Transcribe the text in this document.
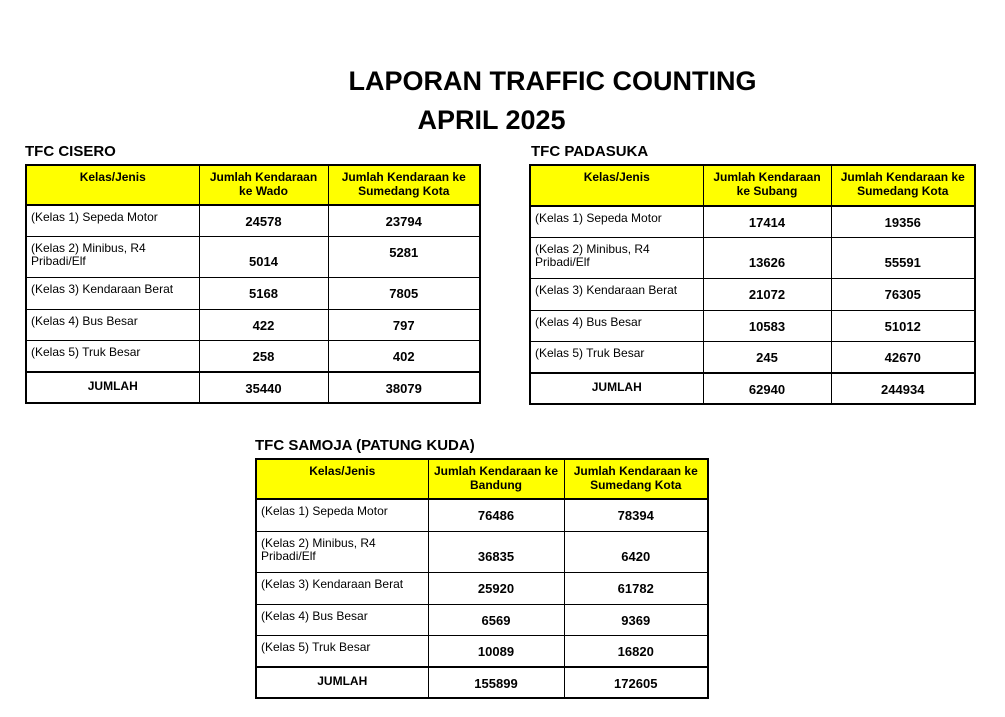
LAPORAN TRAFFIC COUNTING
APRIL 2025

TFC CISERO

Kelas/Jenis	Jumlah Kendaraan ke Wado	Jumlah Kendaraan ke Sumedang Kota
(Kelas 1) Sepeda Motor	24578	23794
(Kelas 2) Minibus, R4 Pribadi/Elf	5014	5281
(Kelas 3) Kendaraan Berat	5168	7805
(Kelas 4) Bus Besar	422	797
(Kelas 5) Truk Besar	258	402
JUMLAH	35440	38079

TFC PADASUKA

Kelas/Jenis	Jumlah Kendaraan ke Subang	Jumlah Kendaraan ke Sumedang Kota
(Kelas 1) Sepeda Motor	17414	19356
(Kelas 2) Minibus, R4 Pribadi/Elf	13626	55591
(Kelas 3) Kendaraan Berat	21072	76305
(Kelas 4) Bus Besar	10583	51012
(Kelas 5) Truk Besar	245	42670
JUMLAH	62940	244934

TFC SAMOJA (PATUNG KUDA)

Kelas/Jenis	Jumlah Kendaraan ke Bandung	Jumlah Kendaraan ke Sumedang Kota
(Kelas 1) Sepeda Motor	76486	78394
(Kelas 2) Minibus, R4 Pribadi/Elf	36835	6420
(Kelas 3) Kendaraan Berat	25920	61782
(Kelas 4) Bus Besar	6569	9369
(Kelas 5) Truk Besar	10089	16820
JUMLAH	155899	172605
